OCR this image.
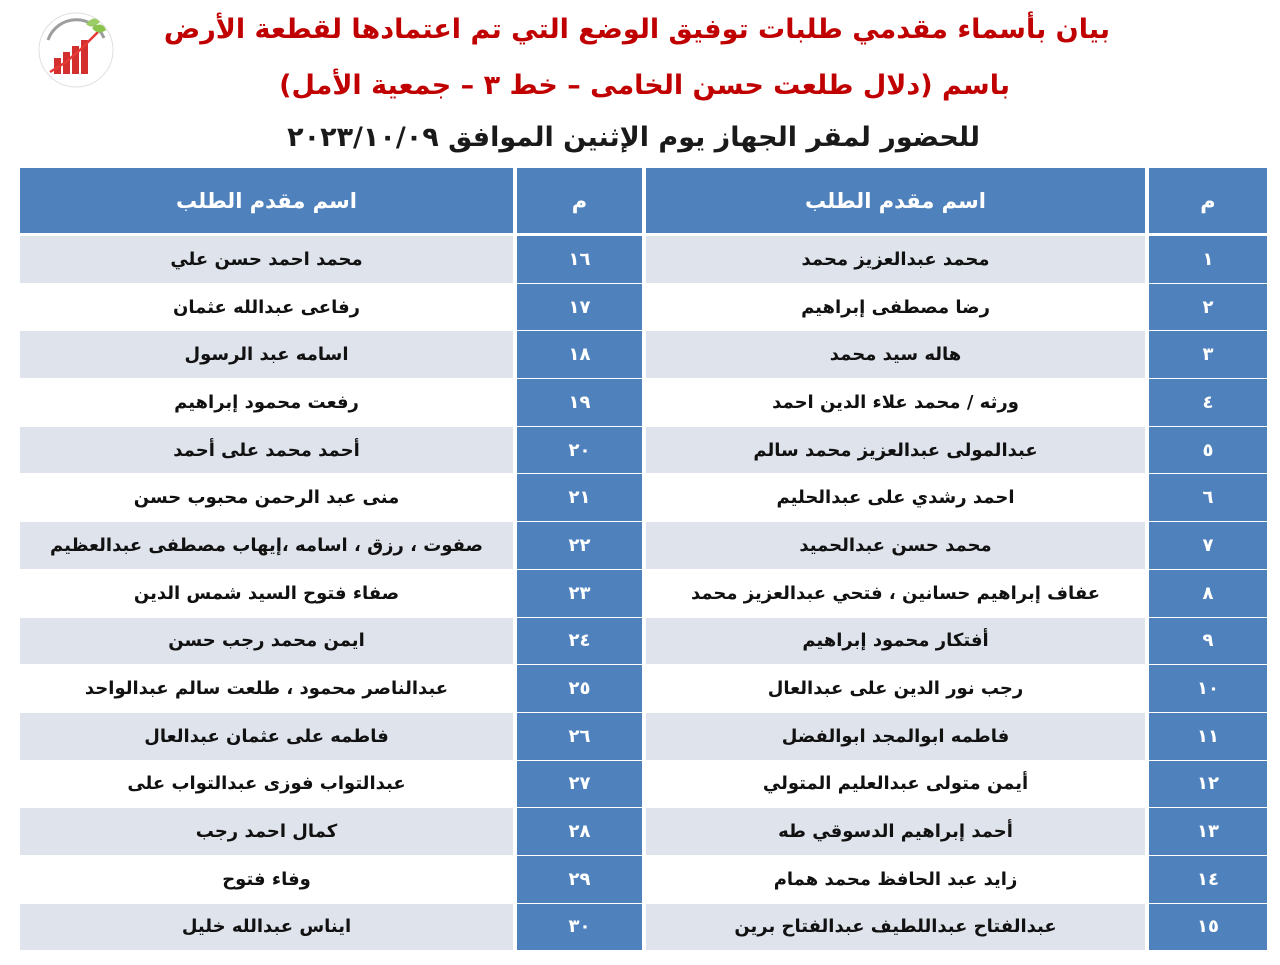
بيان بأسماء مقدمي طلبات توفيق الوضع التي تم اعتمادها لقطعة الأرض
باسم (دلال طلعت حسن الخامى – خط ٣ – جمعية الأمل)
للحضور لمقر الجهاز يوم الإثنين الموافق ٢٠٢٣/١٠/٠٩
اسم مقدم الطلب	م	اسم مقدم الطلب	م
محمد احمد حسن علي	١٦	محمد عبدالعزيز محمد	١
رفاعى عبدالله عثمان	١٧	رضا مصطفى إبراهيم	٢
اسامه عبد الرسول	١٨	هاله سيد محمد	٣
رفعت محمود إبراهيم	١٩	ورثه / محمد علاء الدين احمد	٤
أحمد محمد على أحمد	٢٠	عبدالمولى عبدالعزيز محمد سالم	٥
منى عبد الرحمن محبوب حسن	٢١	احمد رشدي على عبدالحليم	٦
صفوت ، رزق ، اسامه ،إيهاب مصطفى عبدالعظيم	٢٢	محمد حسن عبدالحميد	٧
صفاء فتوح السيد شمس الدين	٢٣	عفاف إبراهيم حسانين ، فتحي عبدالعزيز محمد	٨
ايمن محمد رجب حسن	٢٤	أفتكار محمود إبراهيم	٩
عبدالناصر محمود ، طلعت سالم عبدالواحد	٢٥	رجب نور الدين على عبدالعال	١٠
فاطمه على عثمان عبدالعال	٢٦	فاطمه ابوالمجد ابوالفضل	١١
عبدالتواب فوزى عبدالتواب على	٢٧	أيمن متولى عبدالعليم المتولي	١٢
كمال احمد رجب	٢٨	أحمد إبراهيم الدسوقي طه	١٣
وفاء فتوح	٢٩	زايد عبد الحافظ محمد همام	١٤
ايناس عبدالله خليل	٣٠	عبدالفتاح عبداللطيف عبدالفتاح برين	١٥
